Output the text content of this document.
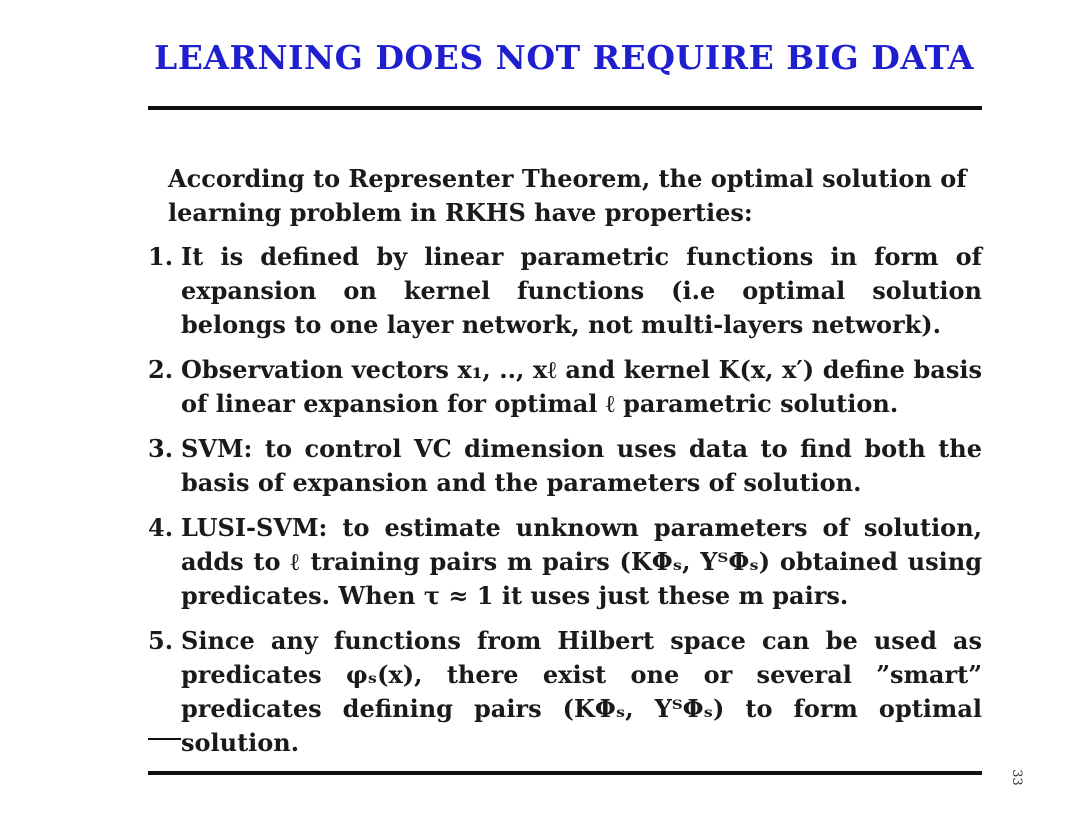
LEARNING DOES NOT REQUIRE BIG DATA

According to Representer Theorem, the optimal solution of learning problem in RKHS have properties:

1. It is defined by linear parametric functions in form of expansion on kernel functions (i.e optimal solution belongs to one layer network, not multi-layers network).
2. Observation vectors x₁, .., xℓ and kernel K(x, x′) define basis of linear expansion for optimal ℓ parametric solution.
3. SVM: to control VC dimension uses data to find both the basis of expansion and the parameters of solution.
4. LUSI-SVM: to estimate unknown parameters of solution, adds to ℓ training pairs m pairs (KΦₛ, YᵀΦₛ) obtained using predicates. When τ ≈ 1 it uses just these m pairs.
5. Since any functions from Hilbert space can be used as predicates φₛ(x), there exist one or several ”smart” predicates defining pairs (KΦₛ, YᵀΦₛ) to form optimal solution.
33
